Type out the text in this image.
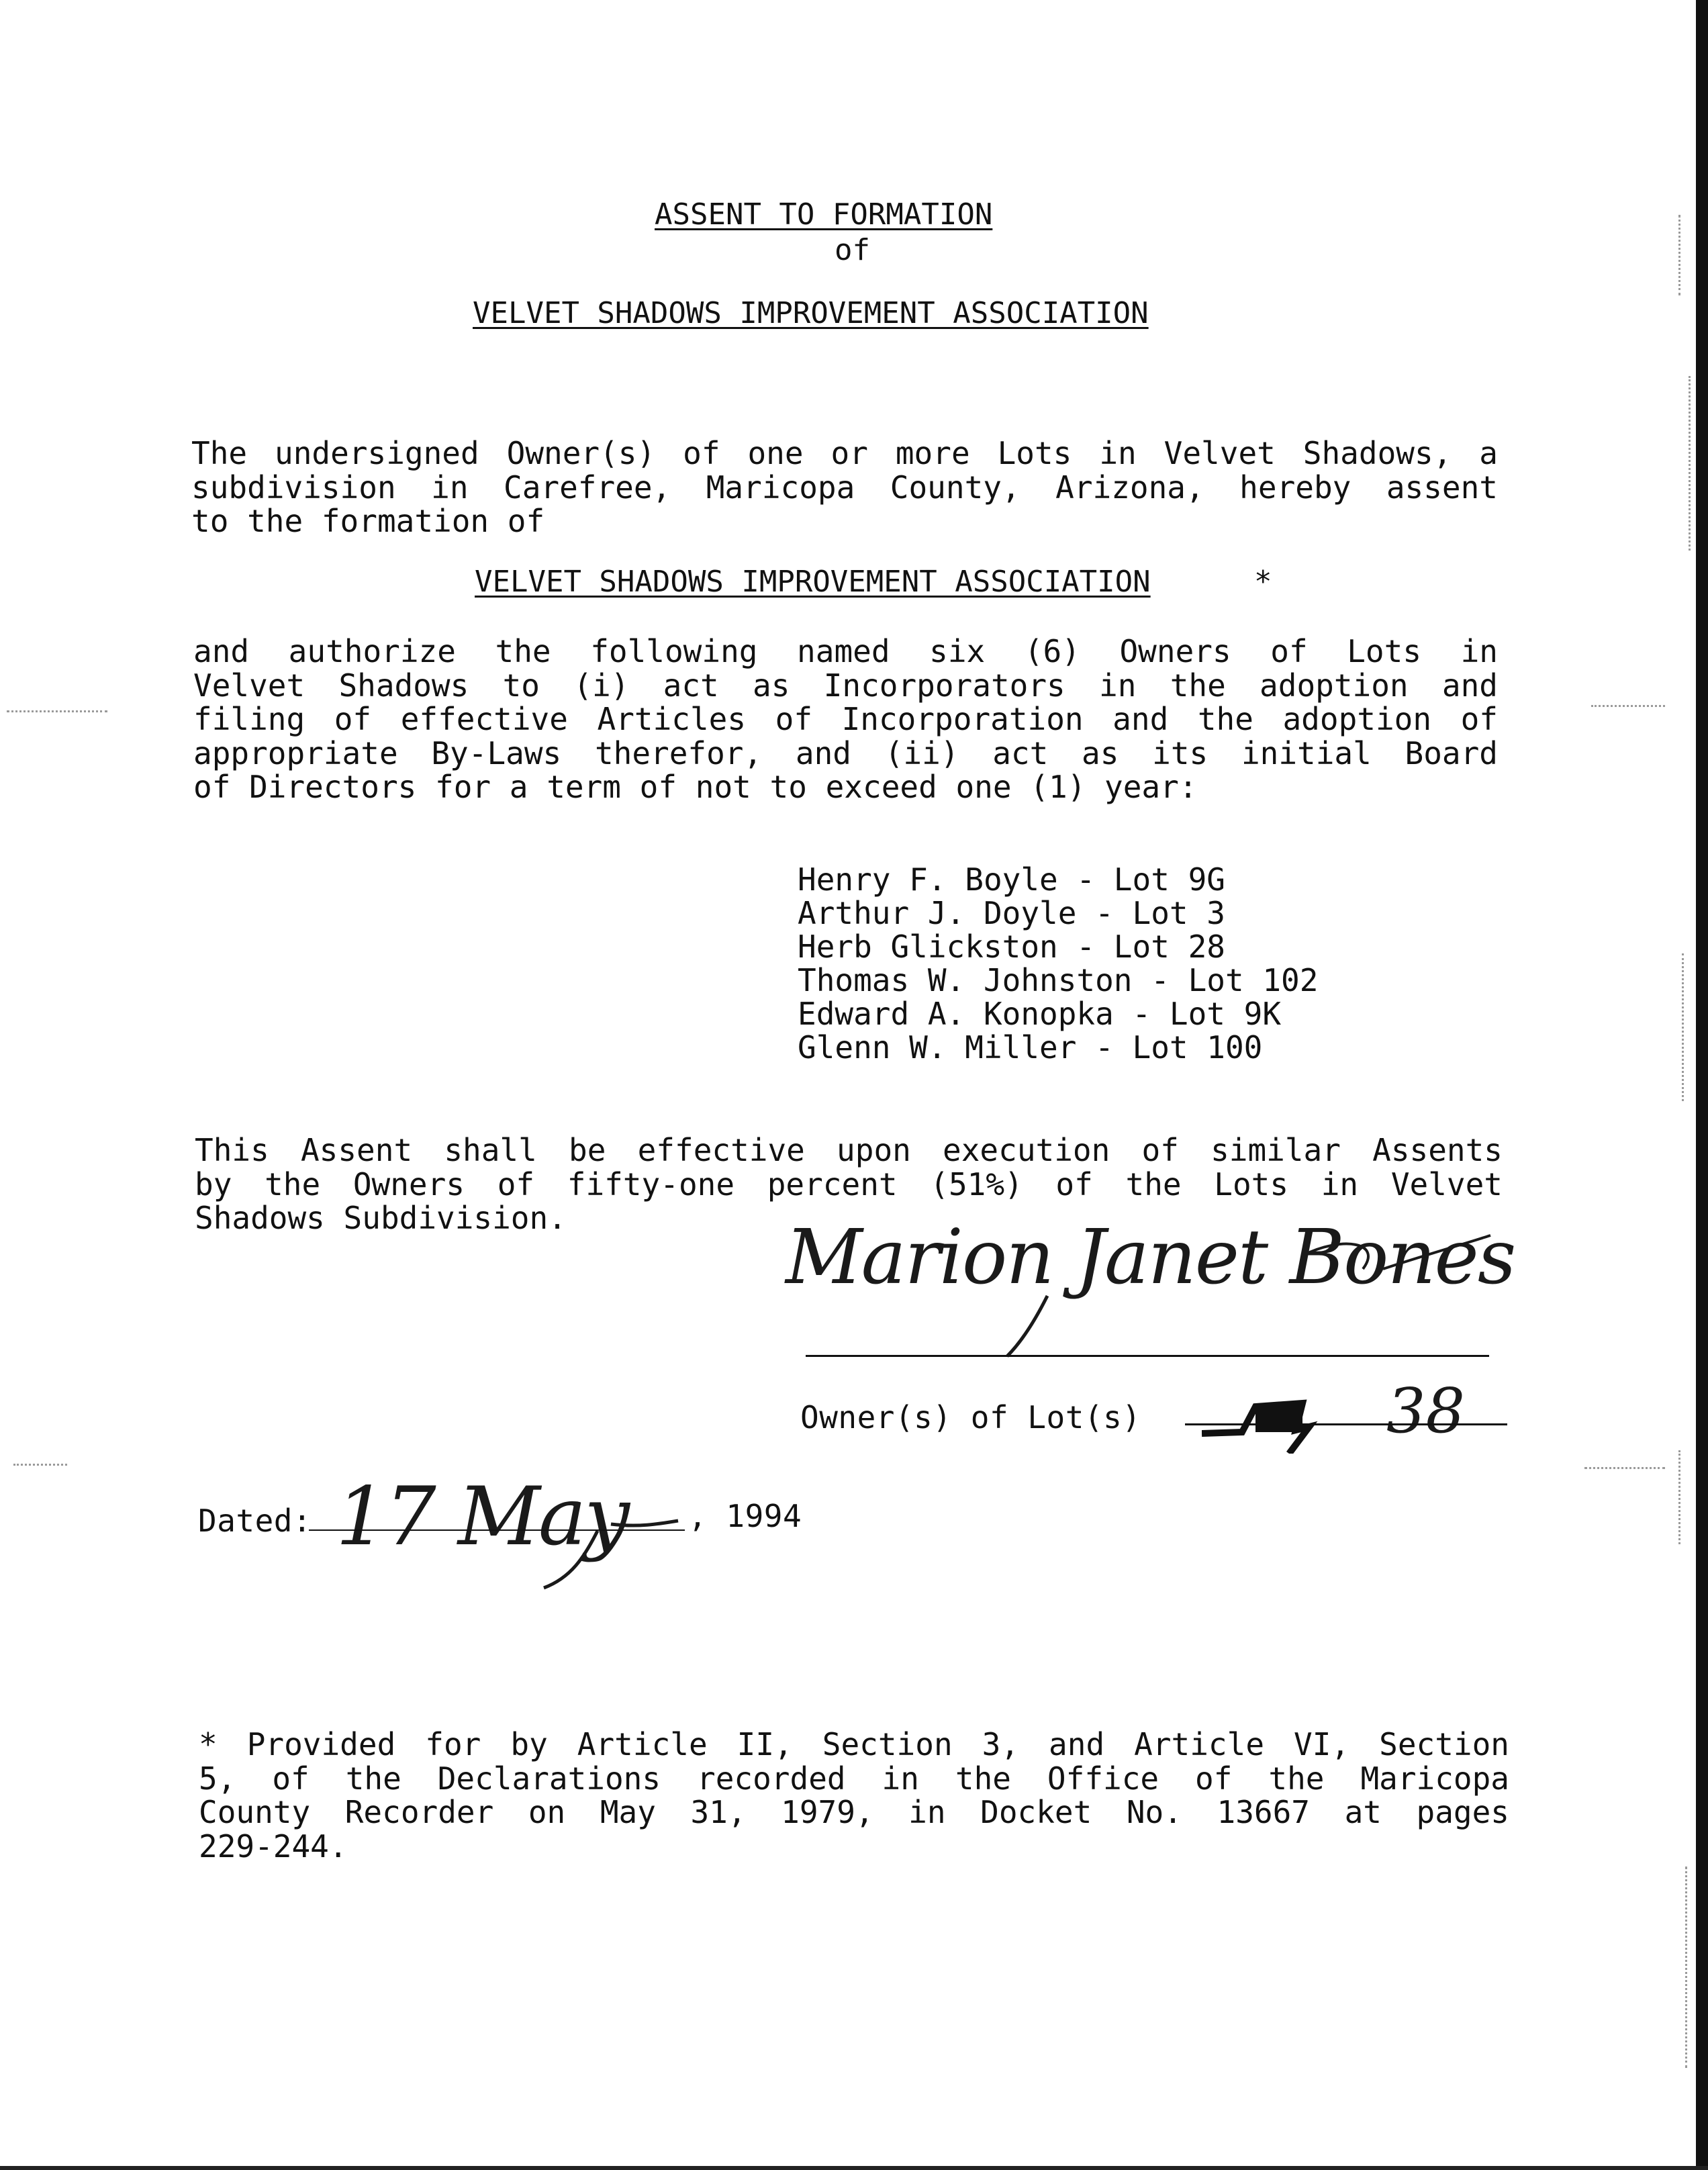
ASSENT TO FORMATION
of
VELVET SHADOWS IMPROVEMENT ASSOCIATION
The undersigned Owner(s) of one or more Lots in Velvet Shadows, a
subdivision in Carefree, Maricopa County, Arizona, hereby assent
to the formation of
VELVET SHADOWS IMPROVEMENT ASSOCIATION	*
and authorize the following named six (6) Owners of Lots in
Velvet Shadows to (i) act as Incorporators in the adoption and
filing of effective Articles of Incorporation and the adoption of
appropriate By-Laws therefor, and (ii) act as its initial Board
of Directors for a term of not to exceed one (1) year:
Henry F. Boyle - Lot 9G
Arthur J. Doyle - Lot 3
Herb Glickston - Lot 28
Thomas W. Johnston - Lot 102
Edward A. Konopka - Lot 9K
Glenn W. Miller - Lot 100
This Assent shall be effective upon execution of similar Assents
by the Owners of fifty-one percent (51%) of the Lots in Velvet
Shadows Subdivision.	Marion Janet Bones
Owner(s) of Lot(s)	38
Dated: 17 May , 1994
* Provided for by Article II, Section 3, and Article VI, Section
5, of the Declarations recorded in the Office of the Maricopa
County Recorder on May 31, 1979, in Docket No. 13667 at pages
229-244.
